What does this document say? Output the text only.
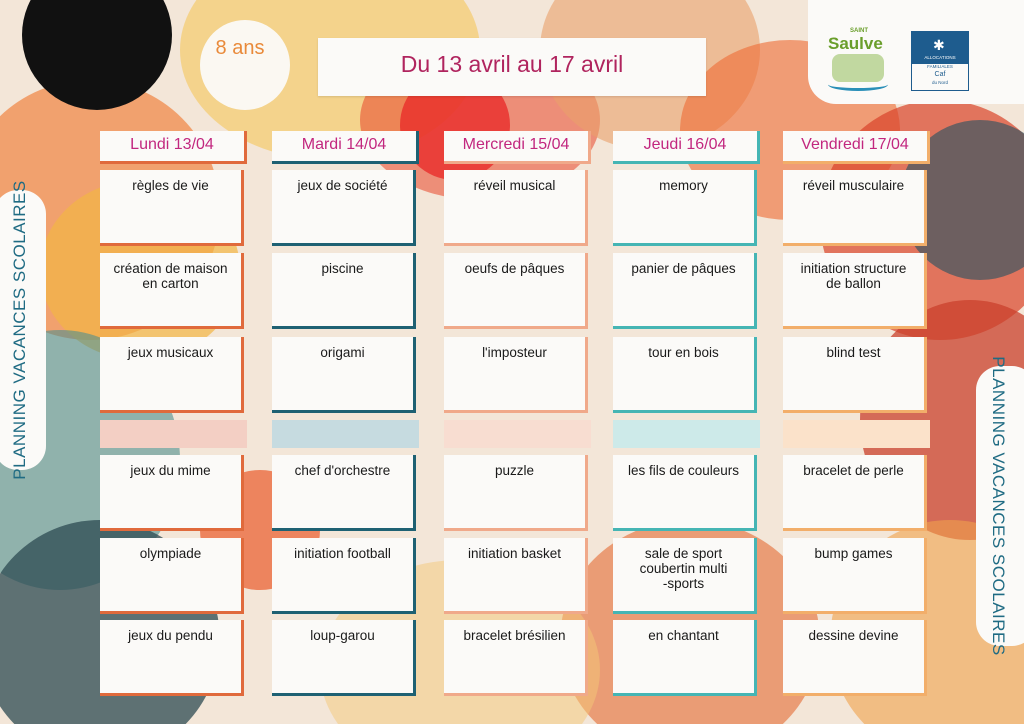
8 ans
Du 13 avril au 17 avril
SAINT
Saulve	✱
ALLOCATIONS
FAMILIALES
Caf
du Nord
PLANNING VACANCES SCOLAIRES
PLANNING VACANCES SCOLAIRES
Lundi 13/04
règles de vie
création de maison
en carton
jeux musicaux
jeux du mime
olympiade
jeux du pendu
Mardi 14/04
jeux de société
piscine
origami
chef d'orchestre
initiation football
loup-garou
Mercredi 15/04
réveil musical
oeufs de pâques
l'imposteur
puzzle
initiation basket
bracelet brésilien
Jeudi 16/04
memory
panier de pâques
tour en bois
les fils de couleurs
sale de sport
coubertin multi
-sports
en chantant
Vendredi 17/04
réveil musculaire
initiation structure
de ballon
blind test
bracelet de perle
bump games
dessine devine
